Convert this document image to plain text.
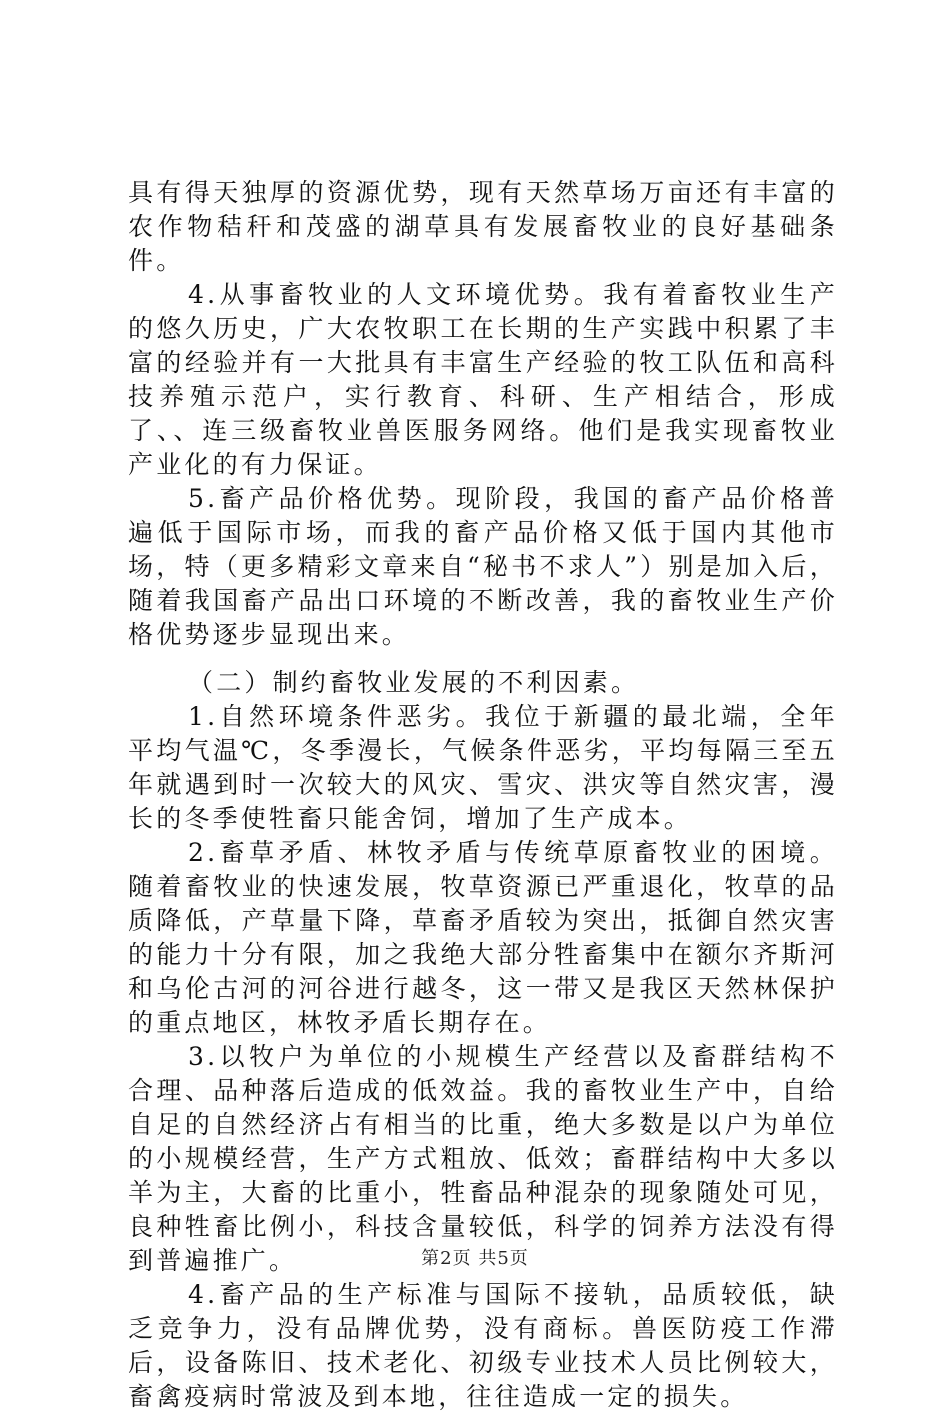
具有得天独厚的资源优势，现有天然草场万亩还有丰富的农作物秸秆和茂盛的湖草具有发展畜牧业的良好基础条件。

4.从事畜牧业的人文环境优势。我有着畜牧业生产的悠久历史，广大农牧职工在长期的生产实践中积累了丰富的经验并有一大批具有丰富生产经验的牧工队伍和高科技养殖示范户，实行教育、科研、生产相结合，形成了、、连三级畜牧业兽医服务网络。他们是我实现畜牧业产业化的有力保证。

5.畜产品价格优势。现阶段，我国的畜产品价格普遍低于国际市场，而我的畜产品价格又低于国内其他市场，特（更多精彩文章来自“秘书不求人”）别是加入后，随着我国畜产品出口环境的不断改善，我的畜牧业生产价格优势逐步显现出来。

（二）制约畜牧业发展的不利因素。

1.自然环境条件恶劣。我位于新疆的最北端，全年平均气温℃，冬季漫长，气候条件恶劣，平均每隔三至五年就遇到时一次较大的风灾、雪灾、洪灾等自然灾害，漫长的冬季使牲畜只能舍饲，增加了生产成本。

2.畜草矛盾、林牧矛盾与传统草原畜牧业的困境。随着畜牧业的快速发展，牧草资源已严重退化，牧草的品质降低，产草量下降，草畜矛盾较为突出，抵御自然灾害的能力十分有限，加之我绝大部分牲畜集中在额尔齐斯河和乌伦古河的河谷进行越冬，这一带又是我区天然林保护的重点地区，林牧矛盾长期存在。

3.以牧户为单位的小规模生产经营以及畜群结构不合理、品种落后造成的低效益。我的畜牧业生产中，自给自足的自然经济占有相当的比重，绝大多数是以户为单位的小规模经营，生产方式粗放、低效；畜群结构中大多以羊为主，大畜的比重小，牲畜品种混杂的现象随处可见，良种牲畜比例小，科技含量较低，科学的饲养方法没有得到普遍推广。

4.畜产品的生产标准与国际不接轨，品质较低，缺乏竞争力，没有品牌优势，没有商标。兽医防疫工作滞后，设备陈旧、技术老化、初级专业技术人员比例较大，畜禽疫病时常波及到本地，往往造成一定的损失。

第2页 共5页
